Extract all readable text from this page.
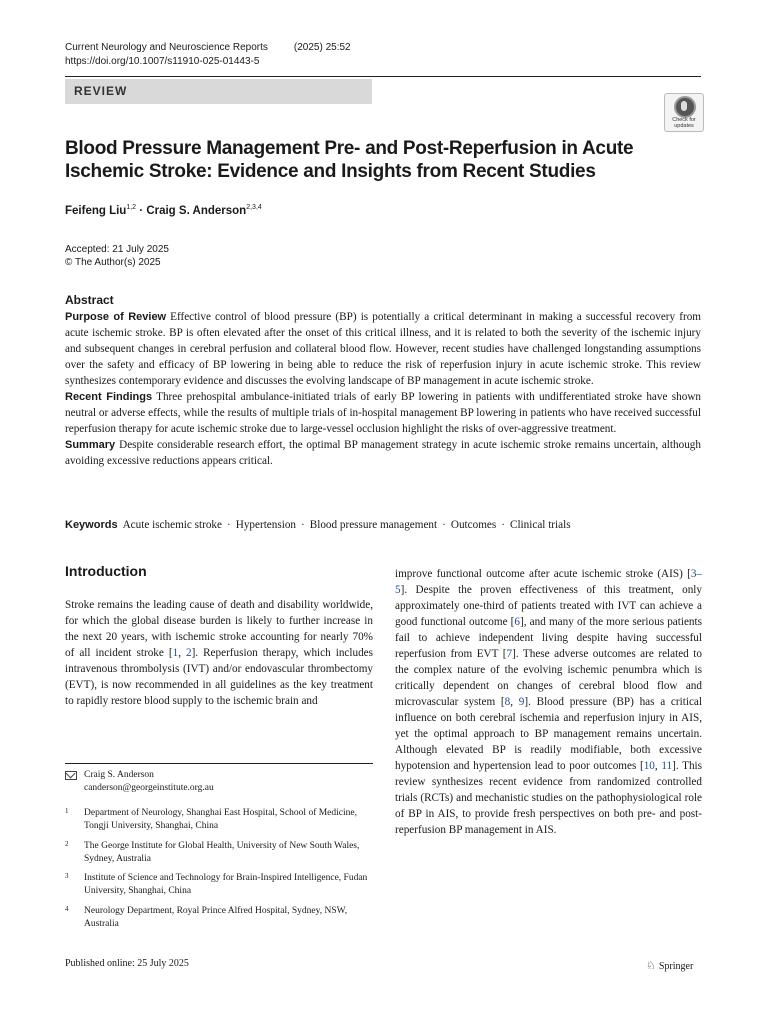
Current Neurology and Neuroscience Reports	(2025) 25:52
https://doi.org/10.1007/s11910-025-01443-5
REVIEW
Check for updates
Blood Pressure Management Pre- and Post-Reperfusion in Acute Ischemic Stroke: Evidence and Insights from Recent Studies
Feifeng Liu$^{1,2}$ · Craig S. Anderson$^{2,3,4}$
Accepted: 21 July 2025
© The Author(s) 2025
Abstract

Purpose of Review Effective control of blood pressure (BP) is potentially a critical determinant in making a successful recovery from acute ischemic stroke. BP is often elevated after the onset of this critical illness, and it is related to both the severity of the ischemic injury and subsequent changes in cerebral perfusion and collateral blood flow. However, recent studies have challenged longstanding assumptions over the safety and efficacy of BP lowering in being able to reduce the risk of reperfusion injury in acute ischemic stroke. This review synthesizes contemporary evidence and discusses the evolving landscape of BP management in acute ischemic stroke.

Recent Findings Three prehospital ambulance-initiated trials of early BP lowering in patients with undifferentiated stroke have shown neutral or adverse effects, while the results of multiple trials of in-hospital management BP lowering in patients who have received successful reperfusion therapy for acute ischemic stroke due to large-vessel occlusion highlight the risks of over-aggressive treatment.

Summary Despite considerable research effort, the optimal BP management strategy in acute ischemic stroke remains uncertain, although avoiding excessive reductions appears critical.

Keywords Acute ischemic stroke · Hypertension · Blood pressure management · Outcomes · Clinical trials
Introduction

Stroke remains the leading cause of death and disability worldwide, for which the global disease burden is likely to further increase in the next 20 years, with ischemic stroke accounting for nearly 70% of all incident stroke [1, 2]. Reperfusion therapy, which includes intravenous thrombolysis (IVT) and/or endovascular thrombectomy (EVT), is now recommended in all guidelines as the key treatment to rapidly restore blood supply to the ischemic brain and

improve functional outcome after acute ischemic stroke (AIS) [3–5]. Despite the proven effectiveness of this treatment, only approximately one-third of patients treated with IVT can achieve a good functional outcome [6], and many of the more serious patients fail to achieve independent living despite having successful reperfusion from EVT [7]. These adverse outcomes are related to the complex nature of the evolving ischemic penumbra which is critically dependent on changes of cerebral blood flow and microvascular system [8, 9]. Blood pressure (BP) has a critical influence on both cerebral ischemia and reperfusion injury in AIS, yet the optimal approach to BP management remains uncertain. Although elevated BP is readily modifiable, both excessive hypotension and hypertension lead to poor outcomes [10, 11]. This review synthesizes recent evidence from randomized controlled trials (RCTs) and mechanistic studies on the pathophysiological role of BP in AIS, to provide fresh perspectives on both pre- and post-reperfusion BP management in AIS.

Craig S. Anderson
canderson@georgeinstitute.org.au
1 Department of Neurology, Shanghai East Hospital, School of Medicine, Tongji University, Shanghai, China
2 The George Institute for Global Health, University of New South Wales, Sydney, Australia
3 Institute of Science and Technology for Brain-Inspired Intelligence, Fudan University, Shanghai, China
4 Neurology Department, Royal Prince Alfred Hospital, Sydney, NSW, Australia
Published online: 25 July 2025	♘ Springer
